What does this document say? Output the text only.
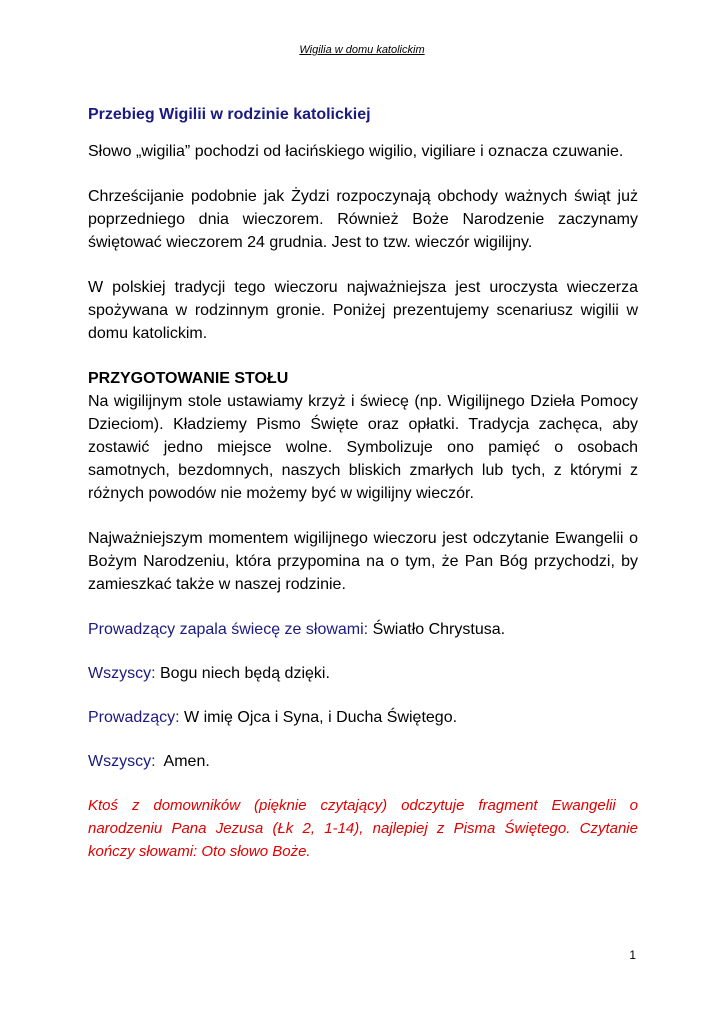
Wigilia w domu katolickim
Przebieg Wigilii w rodzinie katolickiej

Słowo „wigilia” pochodzi od łacińskiego wigilio, vigiliare i oznacza czuwanie.

Chrześcijanie podobnie jak Żydzi rozpoczynają obchody ważnych świąt już poprzedniego dnia wieczorem. Również Boże Narodzenie zaczynamy świętować wieczorem 24 grudnia. Jest to tzw. wieczór wigilijny.

W polskiej tradycji tego wieczoru najważniejsza jest uroczysta wieczerza spożywana w rodzinnym gronie. Poniżej prezentujemy scenariusz wigilii w domu katolickim.

PRZYGOTOWANIE STOŁU

Na wigilijnym stole ustawiamy krzyż i świecę (np. Wigilijnego Dzieła Pomocy Dzieciom). Kładziemy Pismo Święte oraz opłatki. Tradycja zachęca, aby zostawić jedno miejsce wolne. Symbolizuje ono pamięć o osobach samotnych, bezdomnych, naszych bliskich zmarłych lub tych, z którymi z różnych powodów nie możemy być w wigilijny wieczór.

Najważniejszym momentem wigilijnego wieczoru jest odczytanie Ewangelii o Bożym Narodzeniu, która przypomina na o tym, że Pan Bóg przychodzi, by zamieszkać także w naszej rodzinie.

Prowadzący zapala świecę ze słowami: Światło Chrystusa.

Wszyscy: Bogu niech będą dzięki.

Prowadzący: W imię Ojca i Syna, i Ducha Świętego.

Wszyscy:  Amen.

Ktoś z domowników (pięknie czytający) odczytuje fragment Ewangelii o narodzeniu Pana Jezusa (Łk 2, 1-14), najlepiej z Pisma Świętego. Czytanie kończy słowami: Oto słowo Boże.

1
